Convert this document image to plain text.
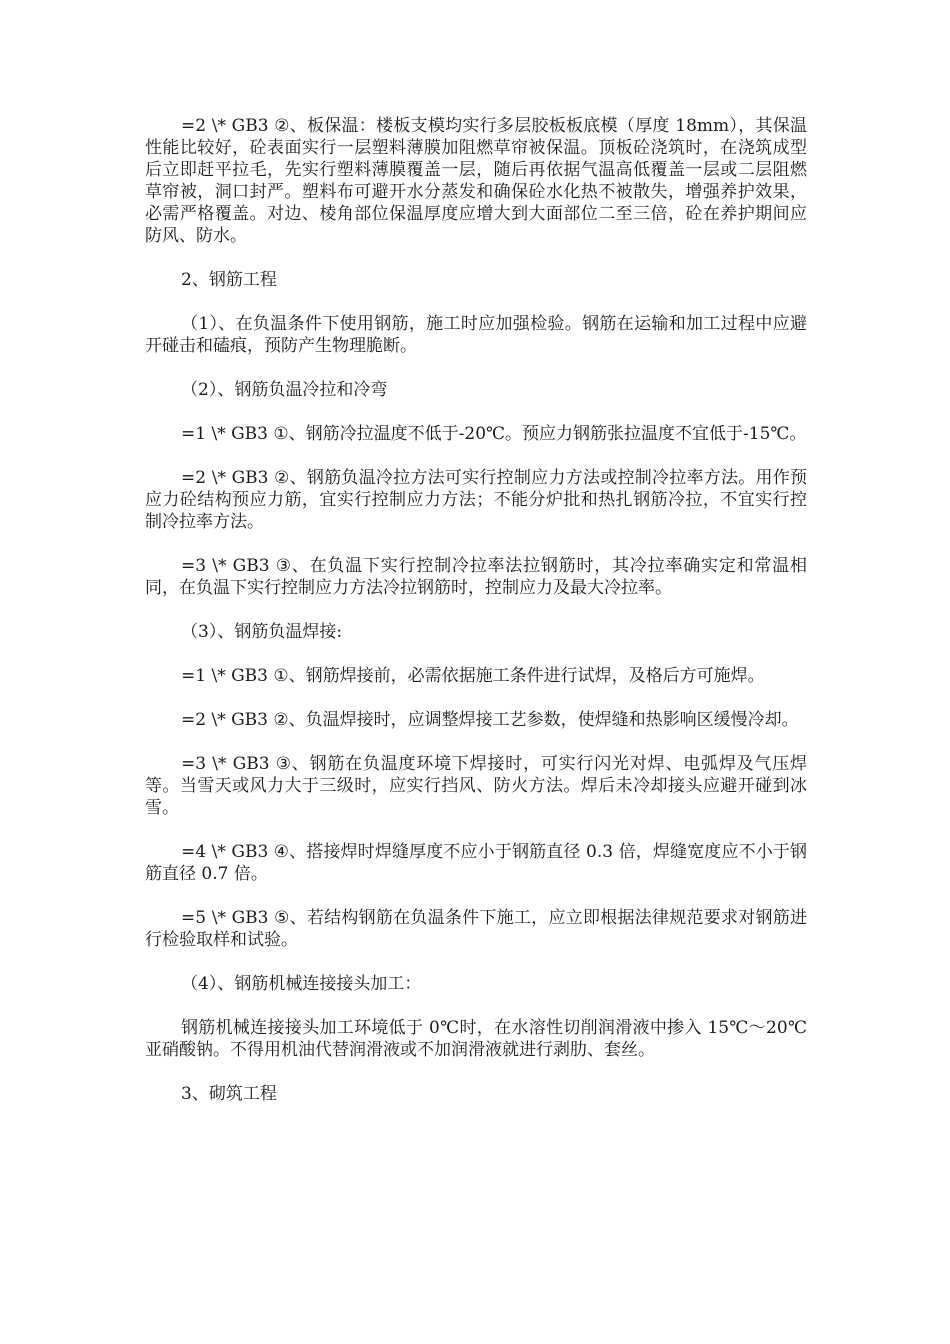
=2 \* GB3 ②、板保温：楼板支模均实行多层胶板板底模（厚度 18mm），其保温性能比较好，砼表面实行一层塑料薄膜加阻燃草帘被保温。顶板砼浇筑时，在浇筑成型后立即赶平拉毛，先实行塑料薄膜覆盖一层，随后再依据气温高低覆盖一层或二层阻燃草帘被，洞口封严。塑料布可避开水分蒸发和确保砼水化热不被散失，增强养护效果，必需严格覆盖。对边、棱角部位保温厚度应增大到大面部位二至三倍，砼在养护期间应防风、防水。

2、钢筋工程

（1）、在负温条件下使用钢筋，施工时应加强检验。钢筋在运输和加工过程中应避开碰击和磕痕，预防产生物理脆断。

（2）、钢筋负温冷拉和冷弯

=1 \* GB3 ①、钢筋冷拉温度不低于-20℃。预应力钢筋张拉温度不宜低于-15℃。

=2 \* GB3 ②、钢筋负温冷拉方法可实行控制应力方法或控制冷拉率方法。用作预应力砼结构预应力筋，宜实行控制应力方法；不能分炉批和热扎钢筋冷拉，不宜实行控制冷拉率方法。

=3 \* GB3 ③、在负温下实行控制冷拉率法拉钢筋时，其冷拉率确实定和常温相同，在负温下实行控制应力方法冷拉钢筋时，控制应力及最大冷拉率。

（3）、钢筋负温焊接:

=1 \* GB3 ①、钢筋焊接前，必需依据施工条件进行试焊，及格后方可施焊。

=2 \* GB3 ②、负温焊接时，应调整焊接工艺参数，使焊缝和热影响区缓慢冷却。

=3 \* GB3 ③、钢筋在负温度环境下焊接时，可实行闪光对焊、电弧焊及气压焊等。当雪天或风力大于三级时，应实行挡风、防火方法。焊后未冷却接头应避开碰到冰雪。

=4 \* GB3 ④、搭接焊时焊缝厚度不应小于钢筋直径 0.3 倍，焊缝宽度应不小于钢筋直径 0.7 倍。

=5 \* GB3 ⑤、若结构钢筋在负温条件下施工，应立即根据法律规范要求对钢筋进行检验取样和试验。

（4）、钢筋机械连接接头加工：

钢筋机械连接接头加工环境低于 0℃时，在水溶性切削润滑液中掺入 15℃～20℃亚硝酸钠。不得用机油代替润滑液或不加润滑液就进行剥肋、套丝。

3、砌筑工程
